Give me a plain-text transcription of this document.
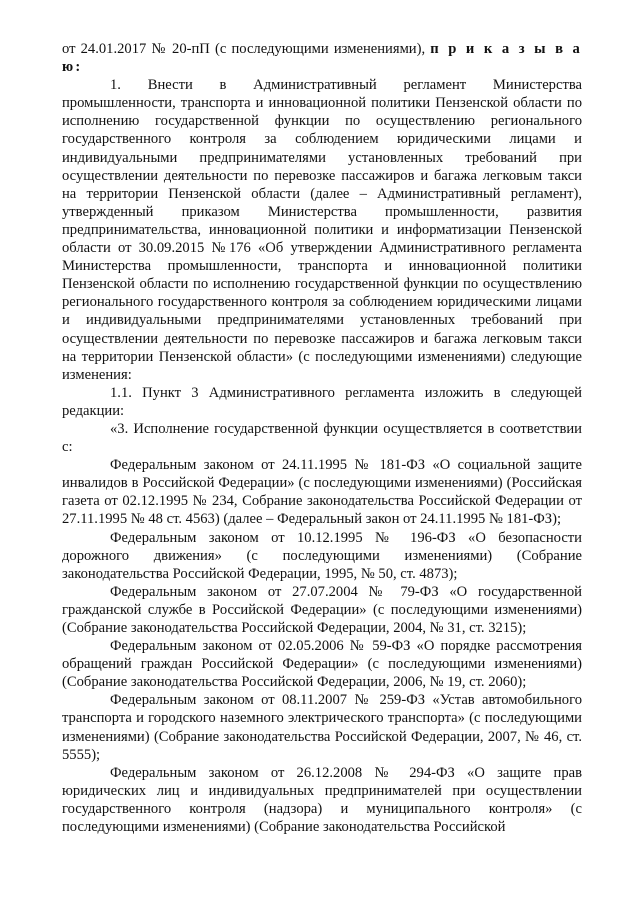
от 24.01.2017 № 20-пП (с последующими изменениями), п р и к а з ы в а ю:

1. Внести в Административный регламент Министерства промышленности, транспорта и инновационной политики Пензенской области по исполнению государственной функции по осуществлению регионального государственного контроля за соблюдением юридическими лицами и индивидуальными предпринимателями установленных требований при осуществлении деятельности по перевозке пассажиров и багажа легковым такси на территории Пензенской области (далее – Административный регламент), утвержденный приказом Министерства промышленности, развития предпринимательства, инновационной политики и информатизации Пензенской области от 30.09.2015 №176 «Об утверждении Административного регламента Министерства промышленности, транспорта и инновационной политики Пензенской области по исполнению государственной функции по осуществлению регионального государственного контроля за соблюдением юридическими лицами и индивидуальными предпринимателями установленных требований при осуществлении деятельности по перевозке пассажиров и багажа легковым такси на территории Пензенской области» (с последующими изменениями) следующие изменения:

1.1. Пункт 3 Административного регламента изложить в следующей редакции:

«3. Исполнение государственной функции осуществляется в соответствии с:

Федеральным законом от 24.11.1995 № 181-ФЗ «О социальной защите инвалидов в Российской Федерации» (с последующими изменениями) (Российская газета от 02.12.1995 № 234, Собрание законодательства Российской Федерации от 27.11.1995 № 48 ст. 4563) (далее – Федеральный закон от 24.11.1995 № 181-ФЗ);

Федеральным законом от 10.12.1995 № 196-ФЗ «О безопасности дорожного движения» (с последующими изменениями) (Собрание законодательства Российской Федерации, 1995, № 50, ст. 4873);

Федеральным законом от 27.07.2004 № 79-ФЗ «О государственной гражданской службе в Российской Федерации» (с последующими изменениями) (Собрание законодательства Российской Федерации, 2004, № 31, ст. 3215);

Федеральным законом от 02.05.2006 № 59-ФЗ «О порядке рассмотрения обращений граждан Российской Федерации» (с последующими изменениями) (Собрание законодательства Российской Федерации, 2006, № 19, ст. 2060);

Федеральным законом от 08.11.2007 № 259-ФЗ «Устав автомобильного транспорта и городского наземного электрического транспорта» (с последующими изменениями) (Собрание законодательства Российской Федерации, 2007, № 46, ст. 5555);

Федеральным законом от 26.12.2008 № 294-ФЗ «О защите прав юридических лиц и индивидуальных предпринимателей при осуществлении государственного контроля (надзора) и муниципального контроля» (с последующими изменениями) (Собрание законодательства Российской
